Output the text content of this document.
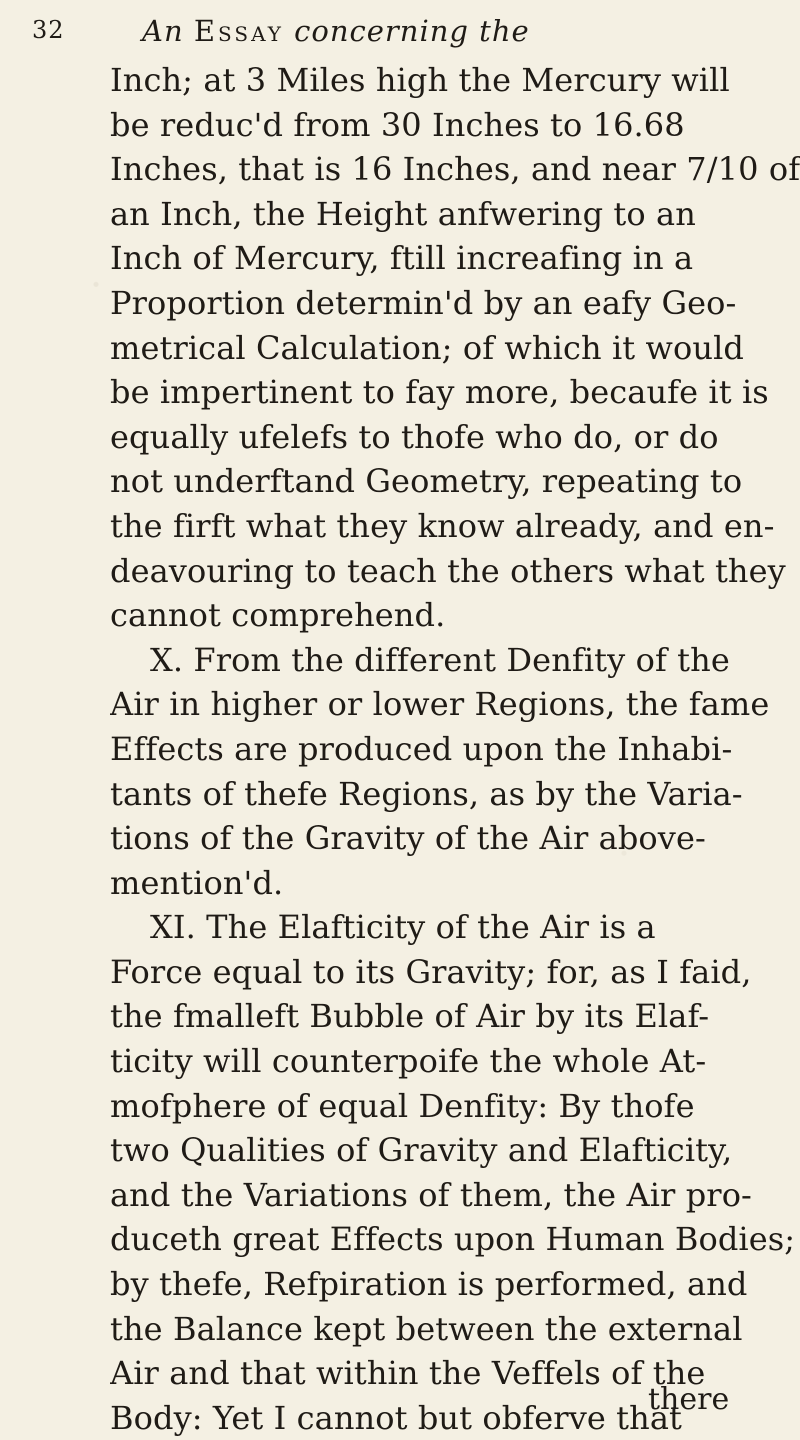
32	An Essay concerning the
Inch; at 3 Miles high the Mercury will
be reduc'd from 30 Inches to 16.68
Inches, that is 16 Inches, and near 7/10 of
an Inch, the Height anfwering to an
Inch of Mercury, ftill increafing in a
Proportion determin'd by an eafy Geo-
metrical Calculation; of which it would
be impertinent to fay more, becaufe it is
equally ufelefs to thofe who do, or do
not underftand Geometry, repeating to
the firft what they know already, and en-
deavouring to teach the others what they
cannot comprehend.
X. From the different Denfity of the
Air in higher or lower Regions, the fame
Effects are produced upon the Inhabi-
tants of thefe Regions, as by the Varia-
tions of the Gravity of the Air above-
mention'd.
XI. The Elafticity of the Air is a
Force equal to its Gravity; for, as I faid,
the fmalleft Bubble of Air by its Elaf-
ticity will counterpoife the whole At-
mofphere of equal Denfity: By thofe
two Qualities of Gravity and Elafticity,
and the Variations of them, the Air pro-
duceth great Effects upon Human Bodies;
by thefe, Refpiration is performed, and
the Balance kept between the external
Air and that within the Veffels of the
Body: Yet I cannot but obferve that
there
